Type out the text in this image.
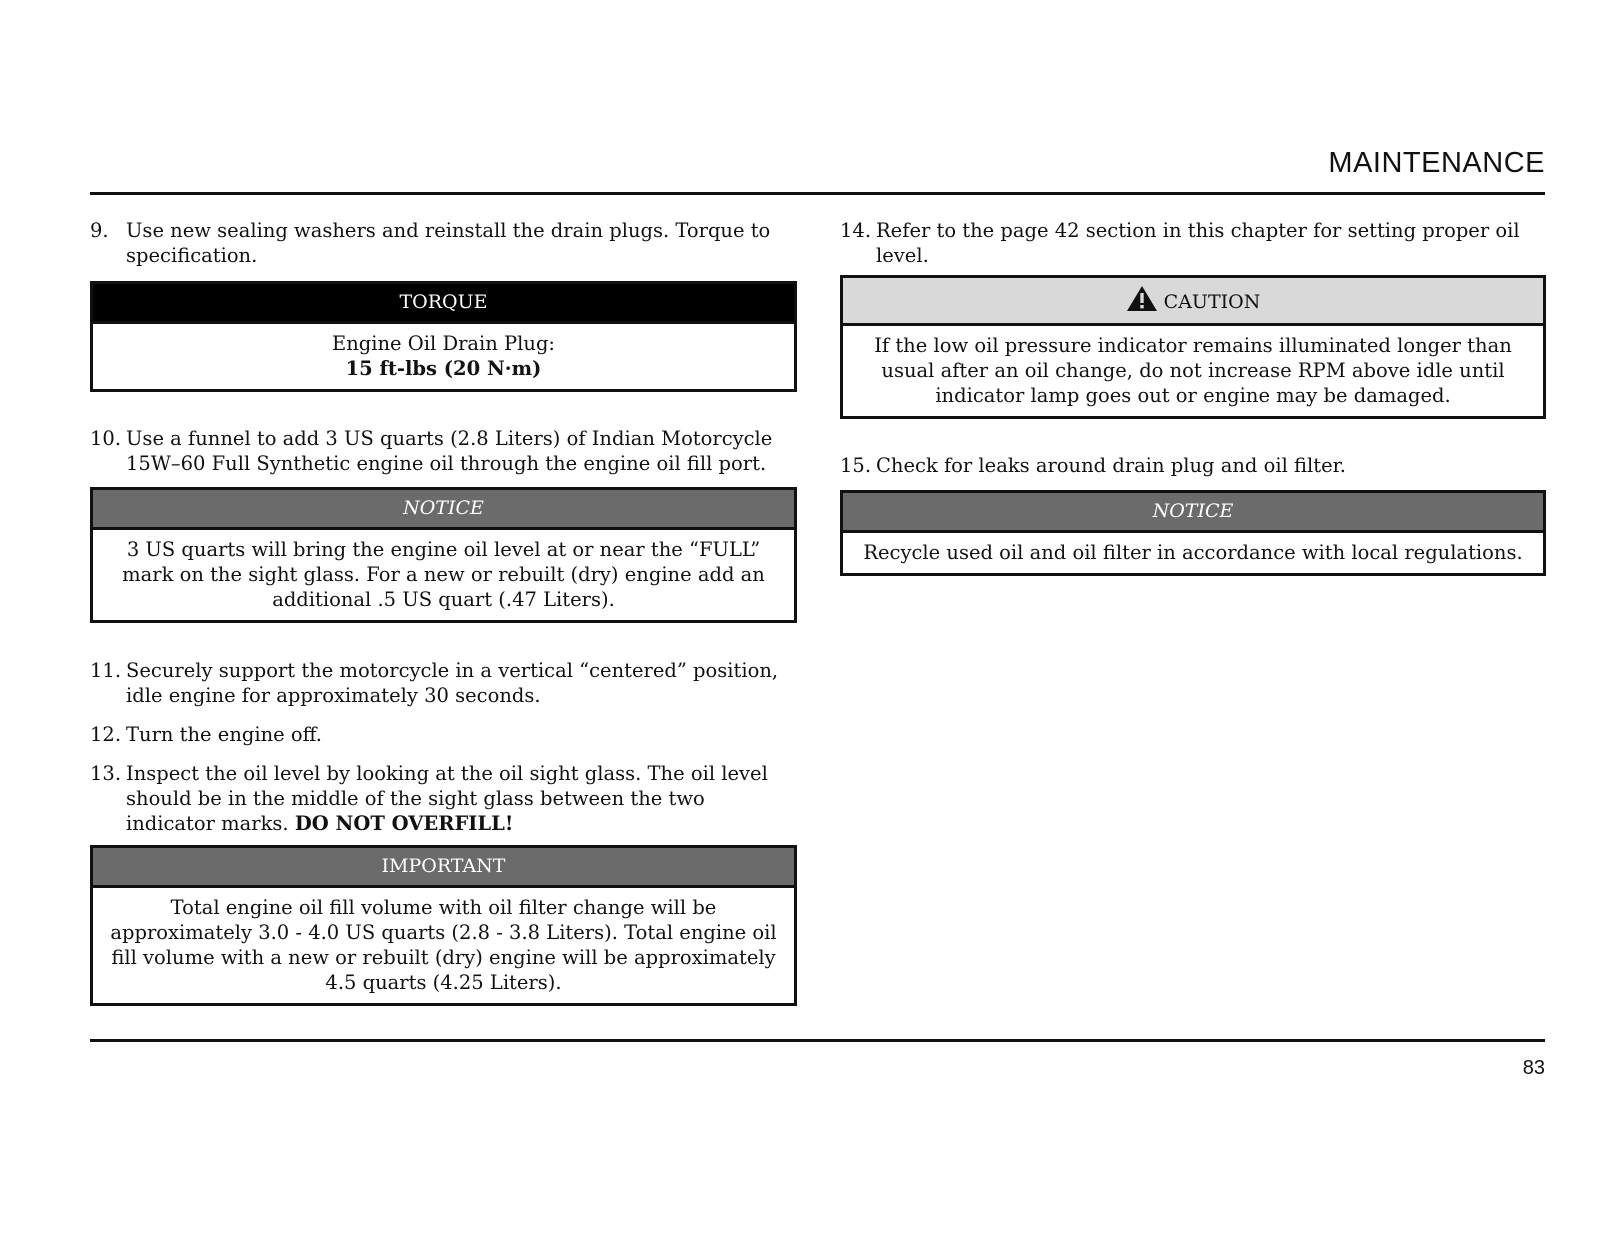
MAINTENANCE
9. Use new sealing washers and reinstall the drain plugs. Torque to specification.
TORQUE
Engine Oil Drain Plug:
15 ft-lbs (20 N·m)
10. Use a funnel to add 3 US quarts (2.8 Liters) of Indian Motorcycle 15W–60 Full Synthetic engine oil through the engine oil fill port.
NOTICE
3 US quarts will bring the engine oil level at or near the “FULL” mark on the sight glass. For a new or rebuilt (dry) engine add an additional .5 US quart (.47 Liters).
11. Securely support the motorcycle in a vertical “centered” position, idle engine for approximately 30 seconds.
12. Turn the engine off.
13. Inspect the oil level by looking at the oil sight glass. The oil level should be in the middle of the sight glass between the two indicator marks. DO NOT OVERFILL!
IMPORTANT
Total engine oil fill volume with oil filter change will be approximately 3.0 - 4.0 US quarts (2.8 - 3.8 Liters). Total engine oil fill volume with a new or rebuilt (dry) engine will be approximately 4.5 quarts (4.25 Liters).
14. Refer to the page 42 section in this chapter for setting proper oil level.
CAUTION
If the low oil pressure indicator remains illuminated longer than usual after an oil change, do not increase RPM above idle until indicator lamp goes out or engine may be damaged.
15. Check for leaks around drain plug and oil filter.
NOTICE
Recycle used oil and oil filter in accordance with local regulations.
83
